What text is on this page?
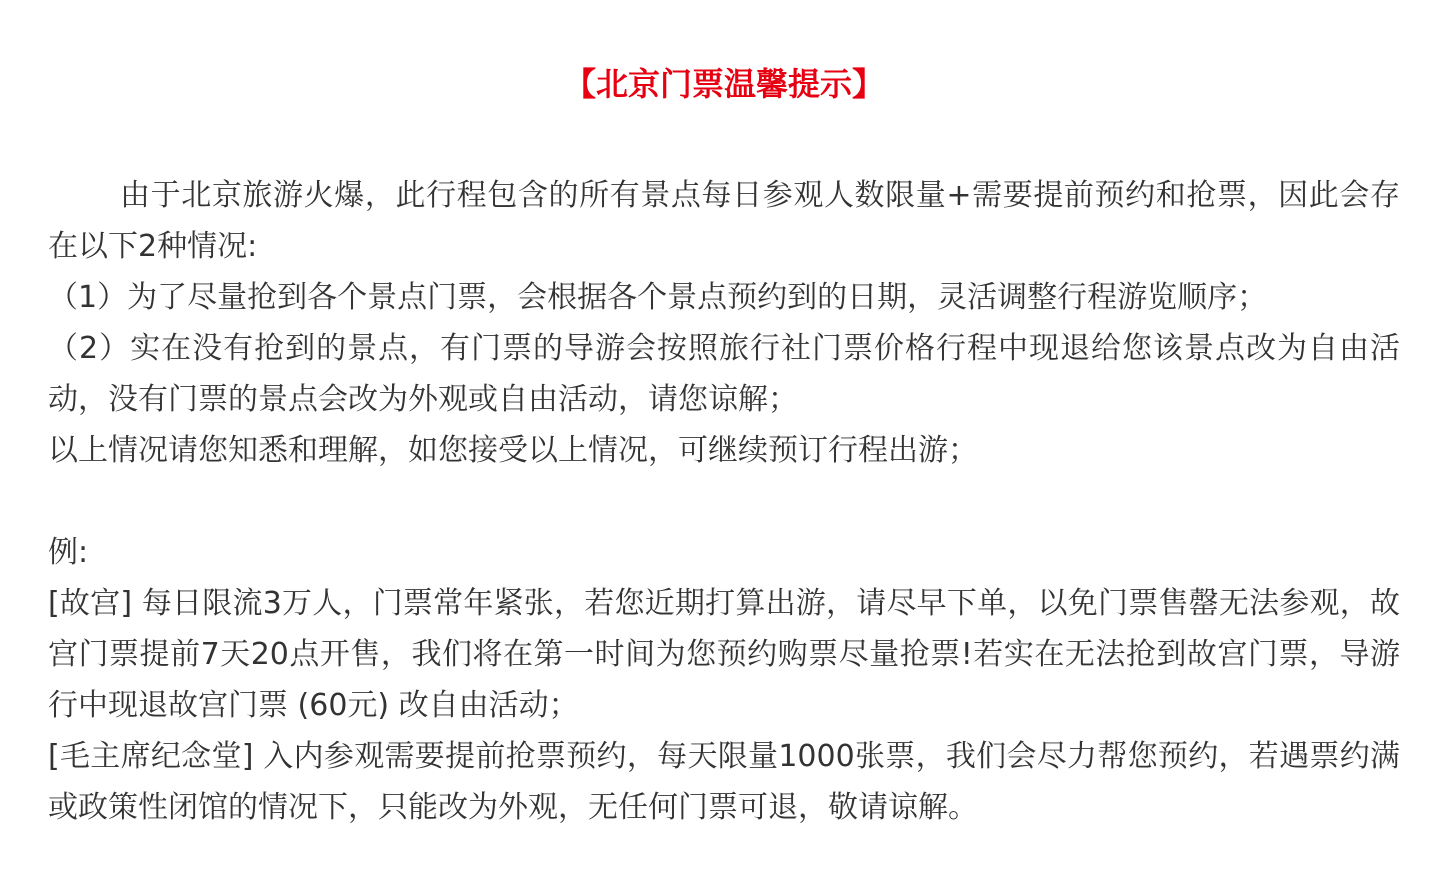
【北京门票温馨提示】

由于北京旅游火爆，此行程包含的所有景点每日参观人数限量+需要提前预约和抢票，因此会存在以下2种情况:

（1）为了尽量抢到各个景点门票，会根据各个景点预约到的日期，灵活调整行程游览顺序；

（2）实在没有抢到的景点，有门票的导游会按照旅行社门票价格行程中现退给您该景点改为自由活动，没有门票的景点会改为外观或自由活动，请您谅解；

以上情况请您知悉和理解，如您接受以上情况，可继续预订行程出游；

例:

[故宫] 每日限流3万人，门票常年紧张，若您近期打算出游，请尽早下单，以免门票售罄无法参观，故宫门票提前7天20点开售，我们将在第一时间为您预约购票尽量抢票!若实在无法抢到故宫门票，导游行中现退故宫门票 (60元) 改自由活动；

[毛主席纪念堂] 入内参观需要提前抢票预约，每天限量1000张票，我们会尽力帮您预约，若遇票约满或政策性闭馆的情况下，只能改为外观，无任何门票可退，敬请谅解。
